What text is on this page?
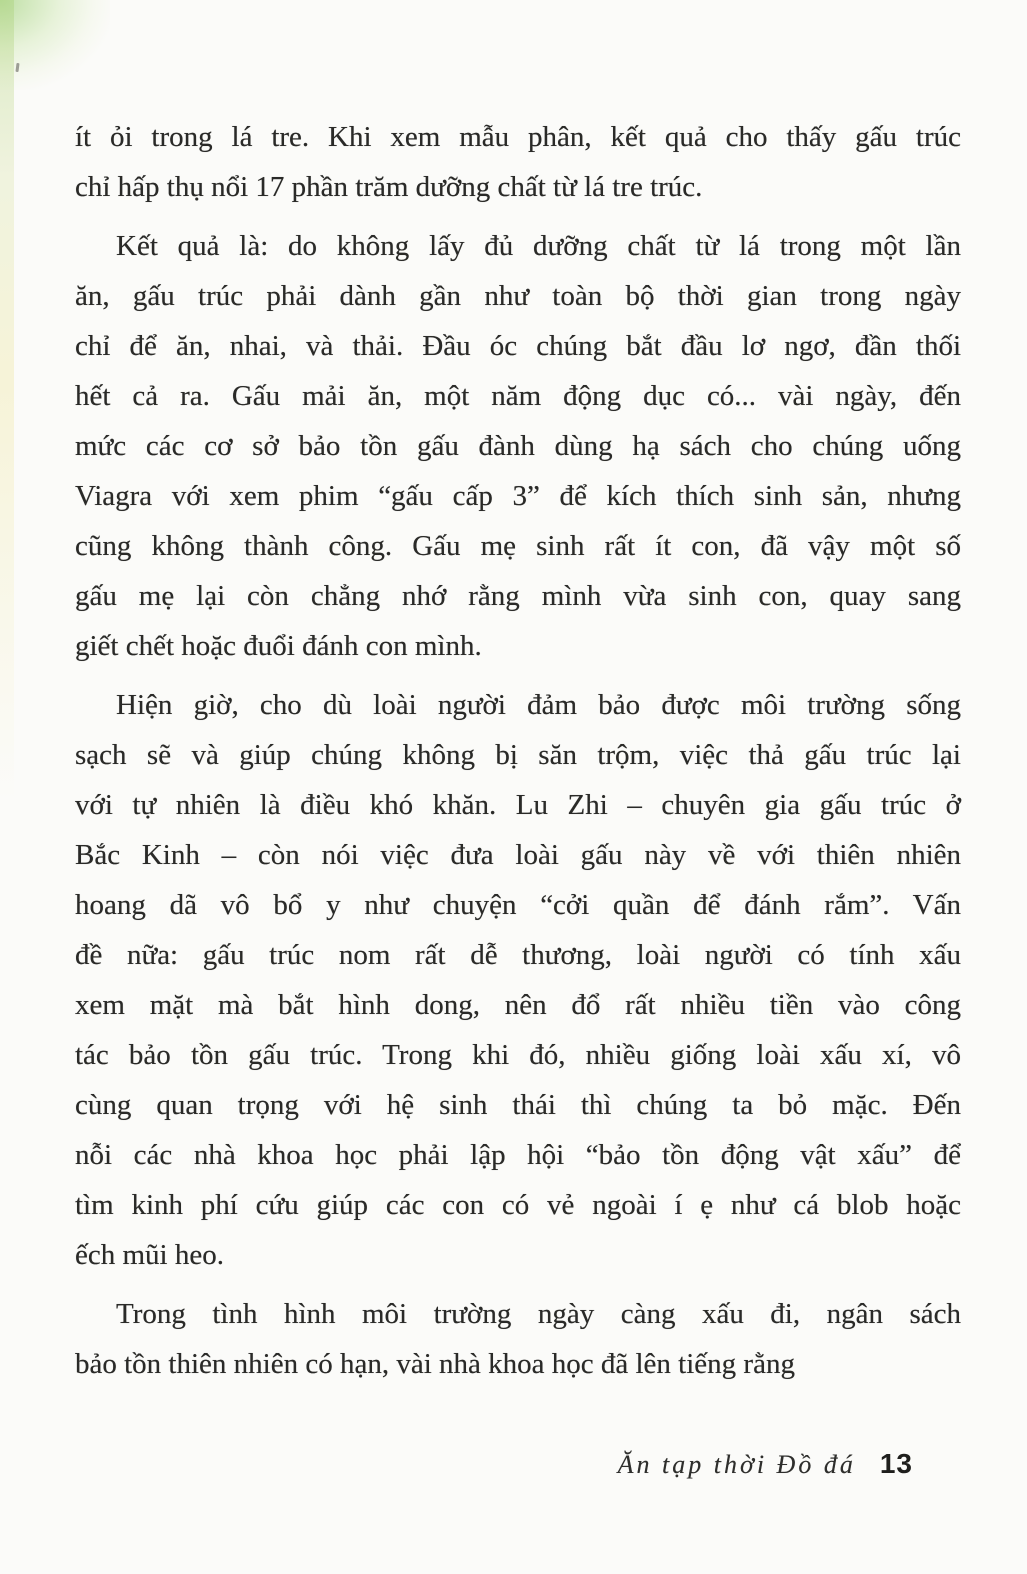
ít ỏi trong lá tre. Khi xem mẫu phân, kết quả cho thấy gấu trúc
chỉ hấp thụ nổi 17 phần trăm dưỡng chất từ lá tre trúc.
Kết quả là: do không lấy đủ dưỡng chất từ lá trong một lần
ăn, gấu trúc phải dành gần như toàn bộ thời gian trong ngày
chỉ để ăn, nhai, và thải. Đầu óc chúng bắt đầu lơ ngơ, đần thối
hết cả ra. Gấu mải ăn, một năm động dục có... vài ngày, đến
mức các cơ sở bảo tồn gấu đành dùng hạ sách cho chúng uống
Viagra với xem phim “gấu cấp 3” để kích thích sinh sản, nhưng
cũng không thành công. Gấu mẹ sinh rất ít con, đã vậy một số
gấu mẹ lại còn chẳng nhớ rằng mình vừa sinh con, quay sang
giết chết hoặc đuổi đánh con mình.
Hiện giờ, cho dù loài người đảm bảo được môi trường sống
sạch sẽ và giúp chúng không bị săn trộm, việc thả gấu trúc lại
với tự nhiên là điều khó khăn. Lu Zhi – chuyên gia gấu trúc ở
Bắc Kinh – còn nói việc đưa loài gấu này về với thiên nhiên
hoang dã vô bổ y như chuyện “cởi quần để đánh rắm”. Vấn
đề nữa: gấu trúc nom rất dễ thương, loài người có tính xấu
xem mặt mà bắt hình dong, nên đổ rất nhiều tiền vào công
tác bảo tồn gấu trúc. Trong khi đó, nhiều giống loài xấu xí, vô
cùng quan trọng với hệ sinh thái thì chúng ta bỏ mặc. Đến
nỗi các nhà khoa học phải lập hội “bảo tồn động vật xấu” để
tìm kinh phí cứu giúp các con có vẻ ngoài í ẹ như cá blob hoặc
ếch mũi heo.
Trong tình hình môi trường ngày càng xấu đi, ngân sách
bảo tồn thiên nhiên có hạn, vài nhà khoa học đã lên tiếng rằng
Ăn tạp thời Đồ đá 13
